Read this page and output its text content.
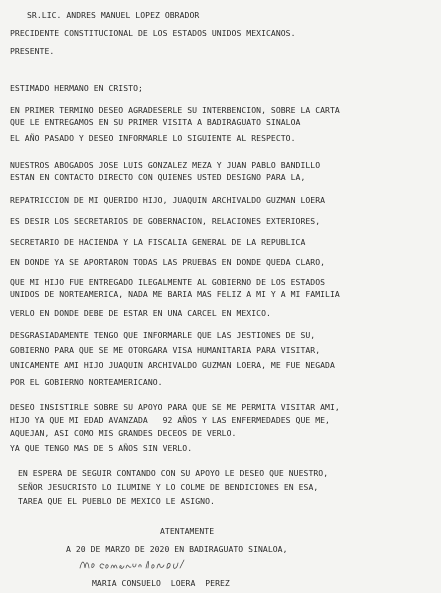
SR.LIC. ANDRES MANUEL LOPEZ OBRADOR

PRECIDENTE CONSTITUCIONAL DE LOS ESTADOS UNIDOS MEXICANOS.

PRESENTE.

ESTIMADO HERMANO EN CRISTO;

EN PRIMER TERMINO DESEO AGRADESERLE SU INTERBENCION, SOBRE LA CARTA

QUE LE ENTREGAMOS EN SU PRIMER VISITA A BADIRAGUATO SINALOA

EL AÑO PASADO Y DESEO INFORMARLE LO SIGUIENTE AL RESPECTO.

NUESTROS ABOGADOS JOSE LUIS GONZALEZ MEZA Y JUAN PABLO BANDILLO

ESTAN EN CONTACTO DIRECTO CON QUIENES USTED DESIGNO PARA LA,

REPATRICCION DE MI QUERIDO HIJO, JUAQUIN ARCHIVALDO GUZMAN LOERA

ES DESIR LOS SECRETARIOS DE GOBERNACION, RELACIONES EXTERIORES,

SECRETARIO DE HACIENDA Y LA FISCALIA GENERAL DE LA REPUBLICA

EN DONDE YA SE APORTARON TODAS LAS PRUEBAS EN DONDE QUEDA CLARO,

QUE MI HIJO FUE ENTREGADO ILEGALMENTE AL GOBIERNO DE LOS ESTADOS

UNIDOS DE NORTEAMERICA, NADA ME BARIA MAS FELIZ A MI Y A MI FAMILIA

VERLO EN DONDE DEBE DE ESTAR EN UNA CARCEL EN MEXICO.

DESGRASIADAMENTE TENGO QUE INFORMARLE QUE LAS JESTIONES DE SU,

GOBIERNO PARA QUE SE ME OTORGARA VISA HUMANITARIA PARA VISITAR,

UNICAMENTE AMI HIJO JUAQUIN ARCHIVALDO GUZMAN LOERA, ME FUE NEGADA

POR EL GOBIERNO NORTEAMERICANO.

DESEO INSISTIRLE SOBRE SU APOYO PARA QUE SE ME PERMITA VISITAR AMI,

HIJO YA QUE MI EDAD AVANZADA   92 AÑOS Y LAS ENFERMEDADES QUE ME,

AQUEJAN, ASI COMO MIS GRANDES DECEOS DE VERLO.

YA QUE TENGO MAS DE 5 AÑOS SIN VERLO.

EN ESPERA DE SEGUIR CONTANDO CON SU APOYO LE DESEO QUE NUESTRO,

SEÑOR JESUCRISTO LO ILUMINE Y LO COLME DE BENDICIONES EN ESA,

TAREA QUE EL PUEBLO DE MEXICO LE ASIGNO.

ATENTAMENTE

A 20 DE MARZO DE 2020 EN BADIRAGUATO SINALOA,

MARIA CONSUELO  LOERA  PEREZ
